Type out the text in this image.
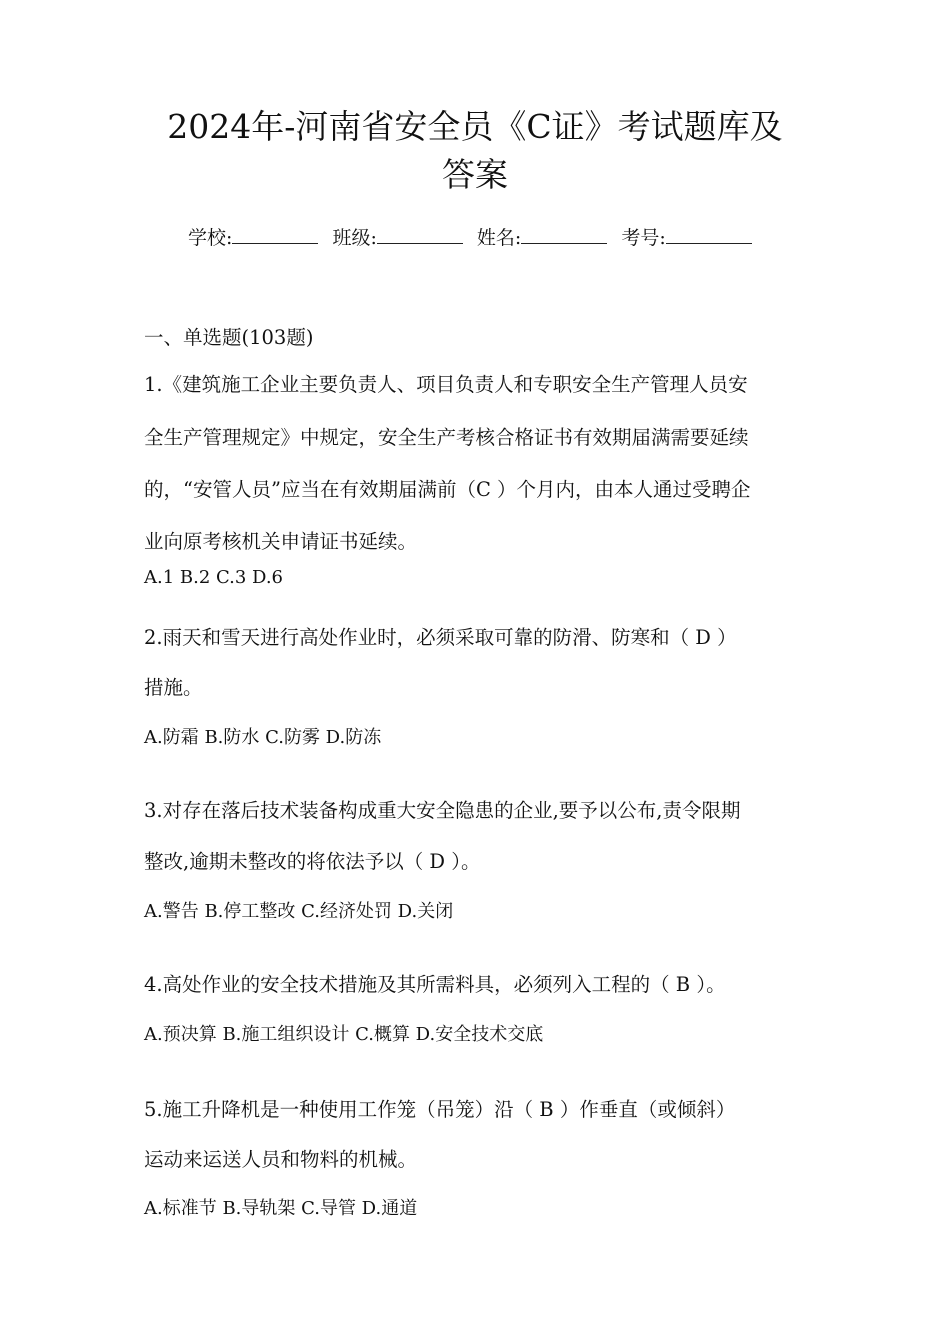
2024年-河南省安全员《C证》考试题库及
答案
学校:	班级:	姓名:	考号:
一、单选题(103题)
1.《建筑施工企业主要负责人、项目负责人和专职安全生产管理人员安
全生产管理规定》中规定，安全生产考核合格证书有效期届满需要延续
的，“安管人员”应当在有效期届满前（C ）个月内，由本人通过受聘企
业向原考核机关申请证书延续。
A.1 B.2 C.3 D.6
2.雨天和雪天进行高处作业时，必须采取可靠的防滑、防寒和（ D ）
措施。
A.防霜 B.防水 C.防雾 D.防冻
3.对存在落后技术装备构成重大安全隐患的企业,要予以公布,责令限期
整改,逾期未整改的将依法予以（ D ）。
A.警告 B.停工整改 C.经济处罚 D.关闭
4.高处作业的安全技术措施及其所需料具，必须列入工程的（ B ）。
A.预决算 B.施工组织设计 C.概算 D.安全技术交底
5.施工升降机是一种使用工作笼（吊笼）沿（ B ）作垂直（或倾斜）
运动来运送人员和物料的机械。
A.标准节 B.导轨架 C.导管 D.通道
